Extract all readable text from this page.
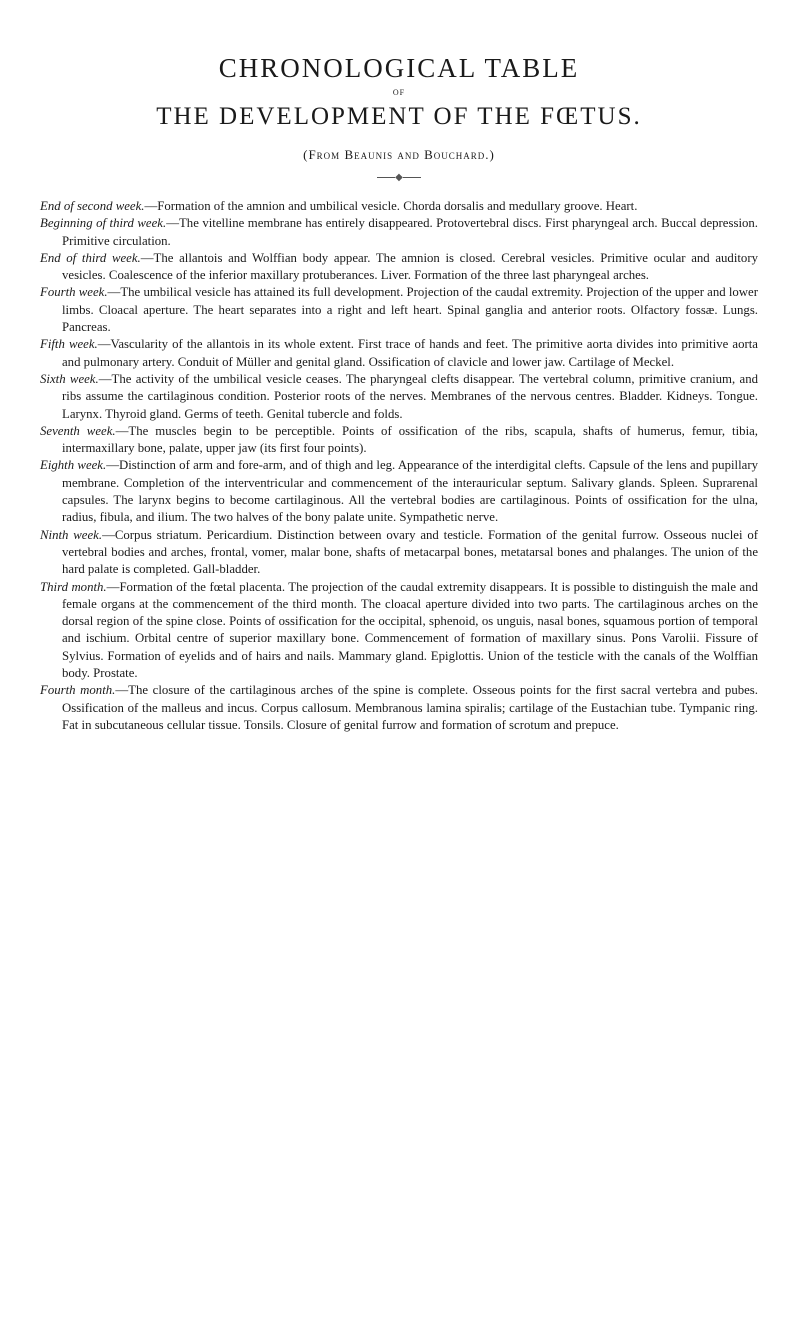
CHRONOLOGICAL TABLE
OF
THE DEVELOPMENT OF THE FŒTUS.
(From Beaunis and Bouchard.)
◆

End of second week.—Formation of the amnion and umbilical vesicle. Chorda dorsalis and medullary groove. Heart.

Beginning of third week.—The vitelline membrane has entirely disappeared. Protovertebral discs. First pharyngeal arch. Buccal depression. Primitive circulation.

End of third week.—The allantois and Wolffian body appear. The amnion is closed. Cerebral vesicles. Primitive ocular and auditory vesicles. Coalescence of the inferior maxillary protuberances. Liver. Formation of the three last pharyngeal arches.

Fourth week.—The umbilical vesicle has attained its full development. Projection of the caudal extremity. Projection of the upper and lower limbs. Cloacal aperture. The heart separates into a right and left heart. Spinal ganglia and anterior roots. Olfactory fossæ. Lungs. Pancreas.

Fifth week.—Vascularity of the allantois in its whole extent. First trace of hands and feet. The primitive aorta divides into primitive aorta and pulmonary artery. Conduit of Müller and genital gland. Ossification of clavicle and lower jaw. Cartilage of Meckel.

Sixth week.—The activity of the umbilical vesicle ceases. The pharyngeal clefts disappear. The vertebral column, primitive cranium, and ribs assume the cartilaginous condition. Posterior roots of the nerves. Membranes of the nervous centres. Bladder. Kidneys. Tongue. Larynx. Thyroid gland. Germs of teeth. Genital tubercle and folds.

Seventh week.—The muscles begin to be perceptible. Points of ossification of the ribs, scapula, shafts of humerus, femur, tibia, intermaxillary bone, palate, upper jaw (its first four points).

Eighth week.—Distinction of arm and fore-arm, and of thigh and leg. Appearance of the interdigital clefts. Capsule of the lens and pupillary membrane. Completion of the interventricular and commencement of the interauricular septum. Salivary glands. Spleen. Suprarenal capsules. The larynx begins to become cartilaginous. All the vertebral bodies are cartilaginous. Points of ossification for the ulna, radius, fibula, and ilium. The two halves of the bony palate unite. Sympathetic nerve.

Ninth week.—Corpus striatum. Pericardium. Distinction between ovary and testicle. Formation of the genital furrow. Osseous nuclei of vertebral bodies and arches, frontal, vomer, malar bone, shafts of metacarpal bones, metatarsal bones and phalanges. The union of the hard palate is completed. Gall-bladder.

Third month.—Formation of the fœtal placenta. The projection of the caudal extremity disappears. It is possible to distinguish the male and female organs at the commencement of the third month. The cloacal aperture divided into two parts. The cartilaginous arches on the dorsal region of the spine close. Points of ossification for the occipital, sphenoid, os unguis, nasal bones, squamous portion of temporal and ischium. Orbital centre of superior maxillary bone. Commencement of formation of maxillary sinus. Pons Varolii. Fissure of Sylvius. Formation of eyelids and of hairs and nails. Mammary gland. Epiglottis. Union of the testicle with the canals of the Wolffian body. Prostate.

Fourth month.—The closure of the cartilaginous arches of the spine is complete. Osseous points for the first sacral vertebra and pubes. Ossification of the malleus and incus. Corpus callosum. Membranous lamina spiralis; cartilage of the Eustachian tube. Tympanic ring. Fat in subcutaneous cellular tissue. Tonsils. Closure of genital furrow and formation of scrotum and prepuce.
